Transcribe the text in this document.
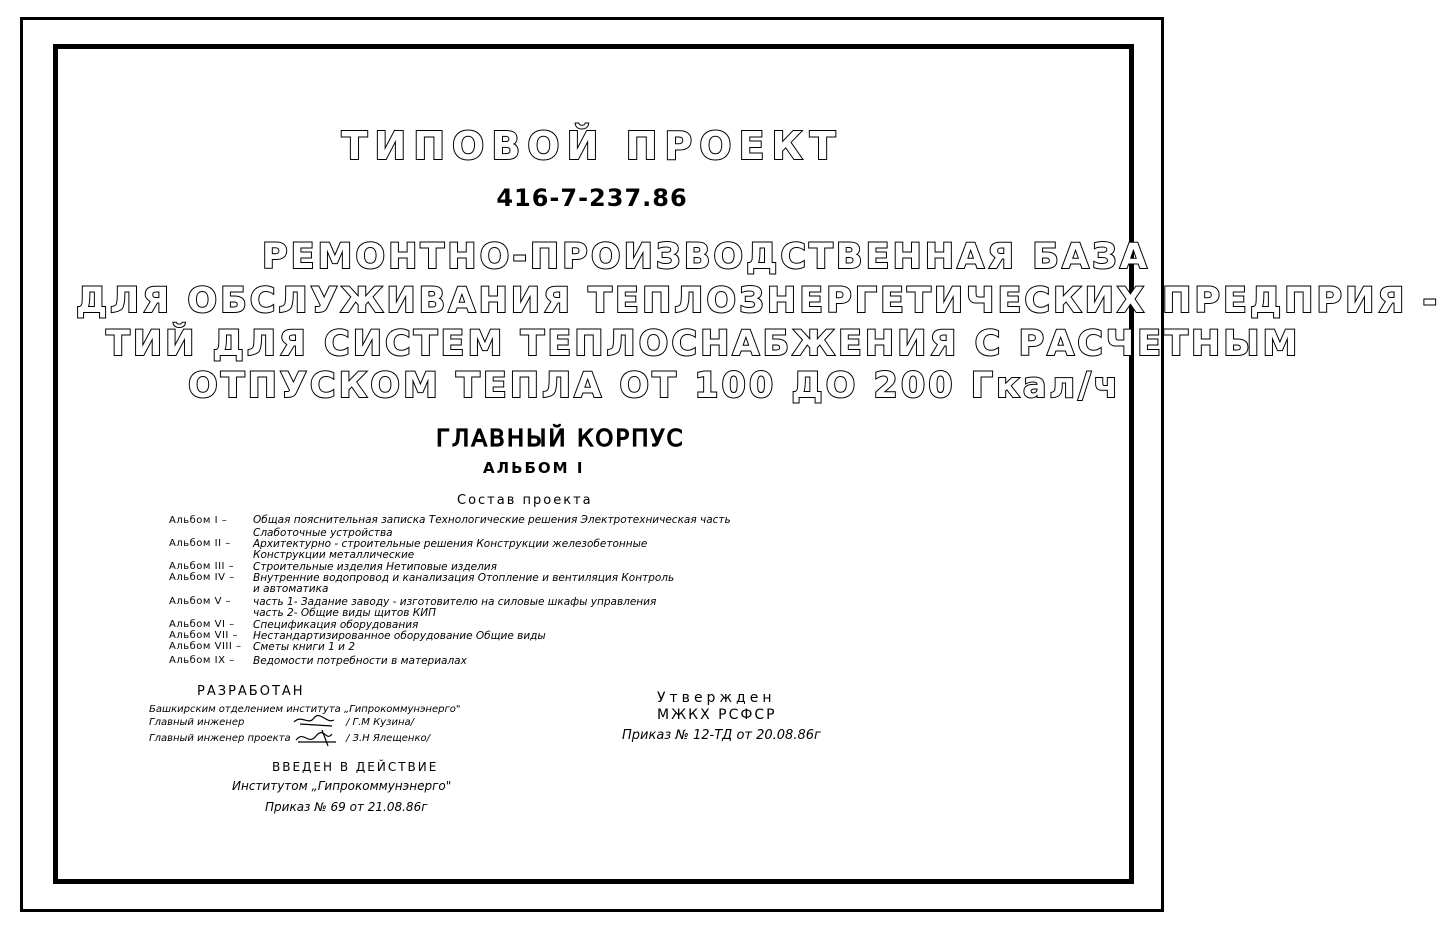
ТИПОВОЙ ПРОЕКТ
416-7-237.86
РЕМОНТНО-ПРОИЗВОДСТВЕННАЯ БАЗА
ДЛЯ ОБСЛУЖИВАНИЯ ТЕПЛОЗНЕРГЕТИЧЕСКИХ ПРЕДПРИЯ -
ТИЙ ДЛЯ СИСТЕМ ТЕПЛОСНАБЖЕНИЯ С РАСЧЕТНЫМ
ОТПУСКОМ ТЕПЛА ОТ 100 ДО 200 Гкал/ч
ГЛАВНЫЙ КОРПУС
АЛЬБОМ I
Состав проекта
Альбом I – Общая пояснительная записка Технологические решения Электротехническая часть
Слаботочные устройства
Альбом II – Архитектурно - строительные решения Конструкции железобетонные
Конструкции металлические
Альбом III – Строительные изделия Нетиповые изделия
Альбом IV – Внутренние водопровод и канализация Отопление и вентиляция Контроль
и автоматика
Альбом V – часть 1- Задание заводу - изготовителю на силовые шкафы управления
часть 2- Общие виды щитов КИП
Альбом VI – Спецификация оборудования
Альбом VII – Нестандартизированное оборудование Общие виды
Альбом VIII – Сметы книги 1 и 2
Альбом IX – Ведомости потребности в материалах
РАЗРАБОТАН
Башкирским отделением института „Гипрокоммунэнерго"
Главный инженер	/ Г.М Кузина/
Главный инженер проекта	/ З.Н Ялещенко/
ВВЕДЕН В ДЕЙСТВИЕ
Институтом „Гипрокоммунэнерго"
Приказ № 69 от 21.08.86г
Утвержден
МЖКХ РСФСР
Приказ № 12-ТД от 20.08.86г
